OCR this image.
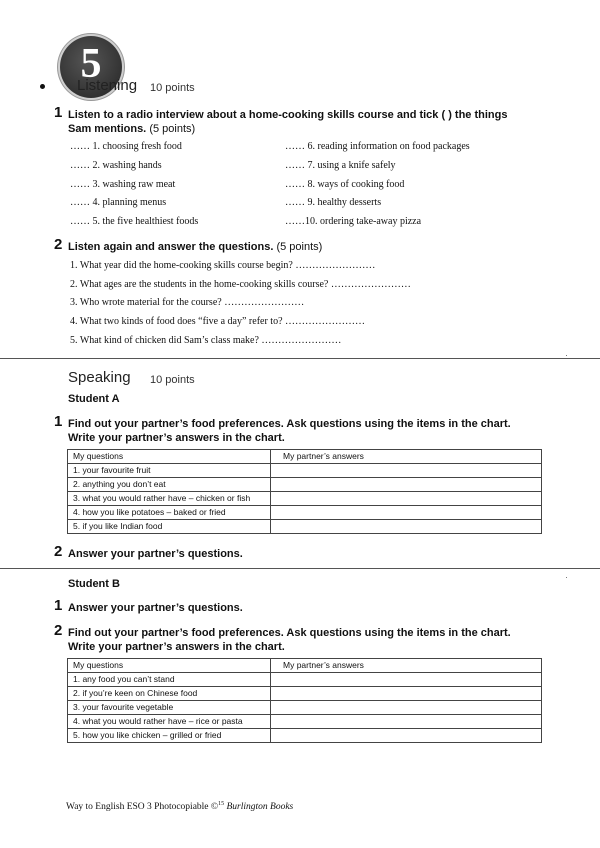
5
Listening 10 points
1 Listen to a radio interview about a home-cooking skills course and tick ( ) the things
Sam mentions. (5 points)
…… 1. choosing fresh food
…… 2. washing hands
…… 3. washing raw meat
…… 4. planning menus
…… 5. the five healthiest foods
…… 6. reading information on food packages
…… 7. using a knife safely
…… 8. ways of cooking food
…… 9. healthy desserts
……10. ordering take-away pizza
2 Listen again and answer the questions. (5 points)
1. What year did the home-cooking skills course begin? ……………………
2. What ages are the students in the home-cooking skills course? ……………………
3. Who wrote material for the course? ……………………
4. What two kinds of food does “five a day” refer to? ……………………
5. What kind of chicken did Sam’s class make? ……………………
Speaking 10 points
Student A
1 Find out your partner’s food preferences. Ask questions using the items in the chart.
Write your partner’s answers in the chart.
My questions	My partner’s answers
1. your favourite fruit	
2. anything you don’t eat	
3. what you would rather have – chicken or fish	
4. how you like potatoes – baked or fried	
5. if you like Indian food	
2 Answer your partner’s questions.
Student B
1 Answer your partner’s questions.
2 Find out your partner’s food preferences. Ask questions using the items in the chart.
Write your partner’s answers in the chart.
My questions	My partner’s answers
1. any food you can’t stand	
2. if you’re keen on Chinese food	
3. your favourite vegetable	
4. what you would rather have – rice or pasta	
5. how you like chicken – grilled or fried	
Way to English ESO 3 Photocopiable ©$^{15}$ Burlington Books
